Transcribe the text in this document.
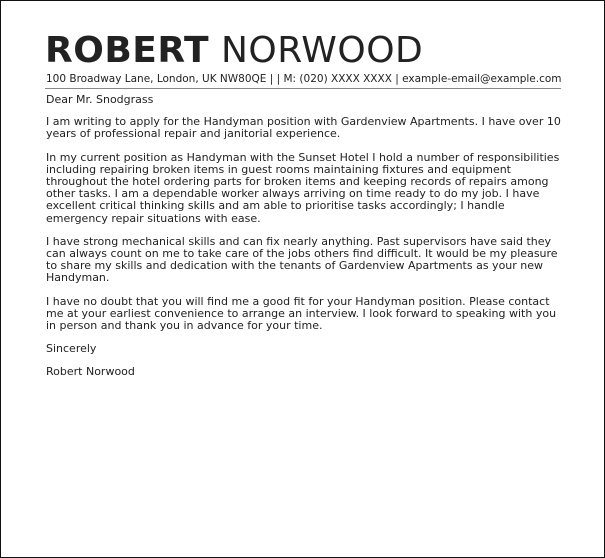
ROBERT NORWOOD
100 Broadway Lane, London, UK NW80QE | | M: (020) XXXX XXXX | example-email@example.com

Dear Mr. Snodgrass

I am writing to apply for the Handyman position with Gardenview Apartments. I have over 10 years of professional repair and janitorial experience.

In my current position as Handyman with the Sunset Hotel I hold a number of responsibilities including repairing broken items in guest rooms maintaining fixtures and equipment throughout the hotel ordering parts for broken items and keeping records of repairs among other tasks. I am a dependable worker always arriving on time ready to do my job. I have excellent critical thinking skills and am able to prioritise tasks accordingly; I handle emergency repair situations with ease.

I have strong mechanical skills and can fix nearly anything. Past supervisors have said they can always count on me to take care of the jobs others find difficult. It would be my pleasure to share my skills and dedication with the tenants of Gardenview Apartments as your new Handyman.

I have no doubt that you will find me a good fit for your Handyman position. Please contact me at your earliest convenience to arrange an interview. I look forward to speaking with you in person and thank you in advance for your time.

Sincerely

Robert Norwood
